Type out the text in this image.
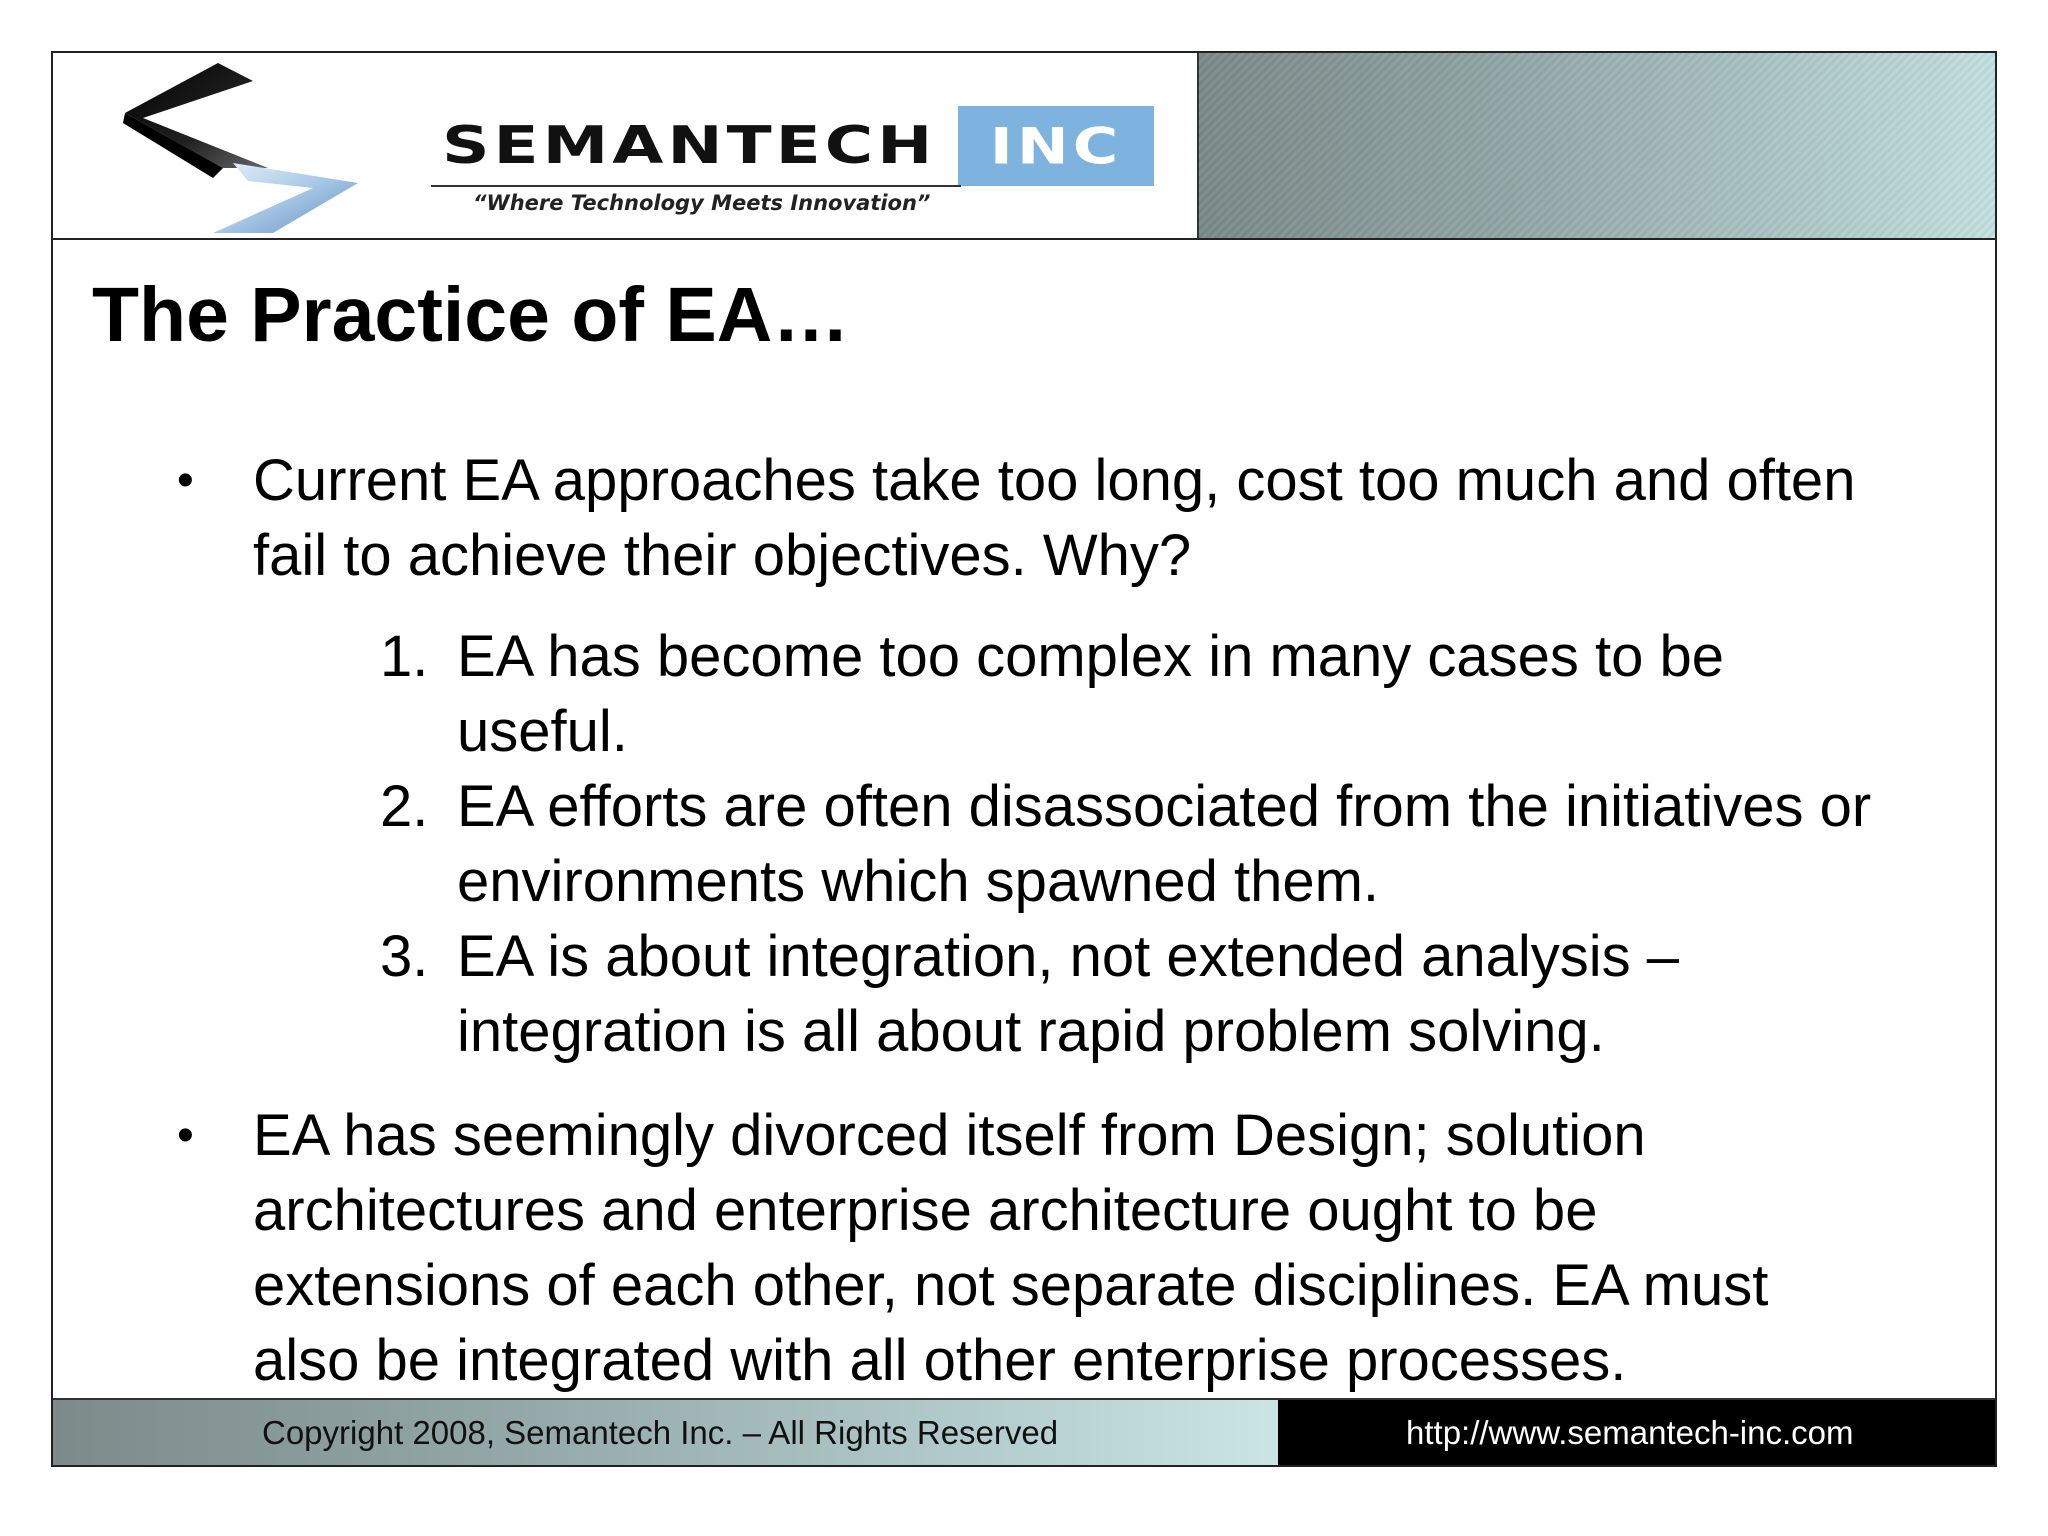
SEMANTECH INC
“Where Technology Meets Innovation”
The Practice of EA…
• Current EA approaches take too long, cost too much and often
fail to achieve their objectives. Why?
1. EA has become too complex in many cases to be
useful.
2. EA efforts are often disassociated from the initiatives or
environments which spawned them.
3. EA is about integration, not extended analysis –
integration is all about rapid problem solving.
• EA has seemingly divorced itself from Design; solution
architectures and enterprise architecture ought to be
extensions of each other, not separate disciplines. EA must
also be integrated with all other enterprise processes.
Copyright 2008, Semantech Inc. – All Rights Reserved	http://www.semantech-inc.com
